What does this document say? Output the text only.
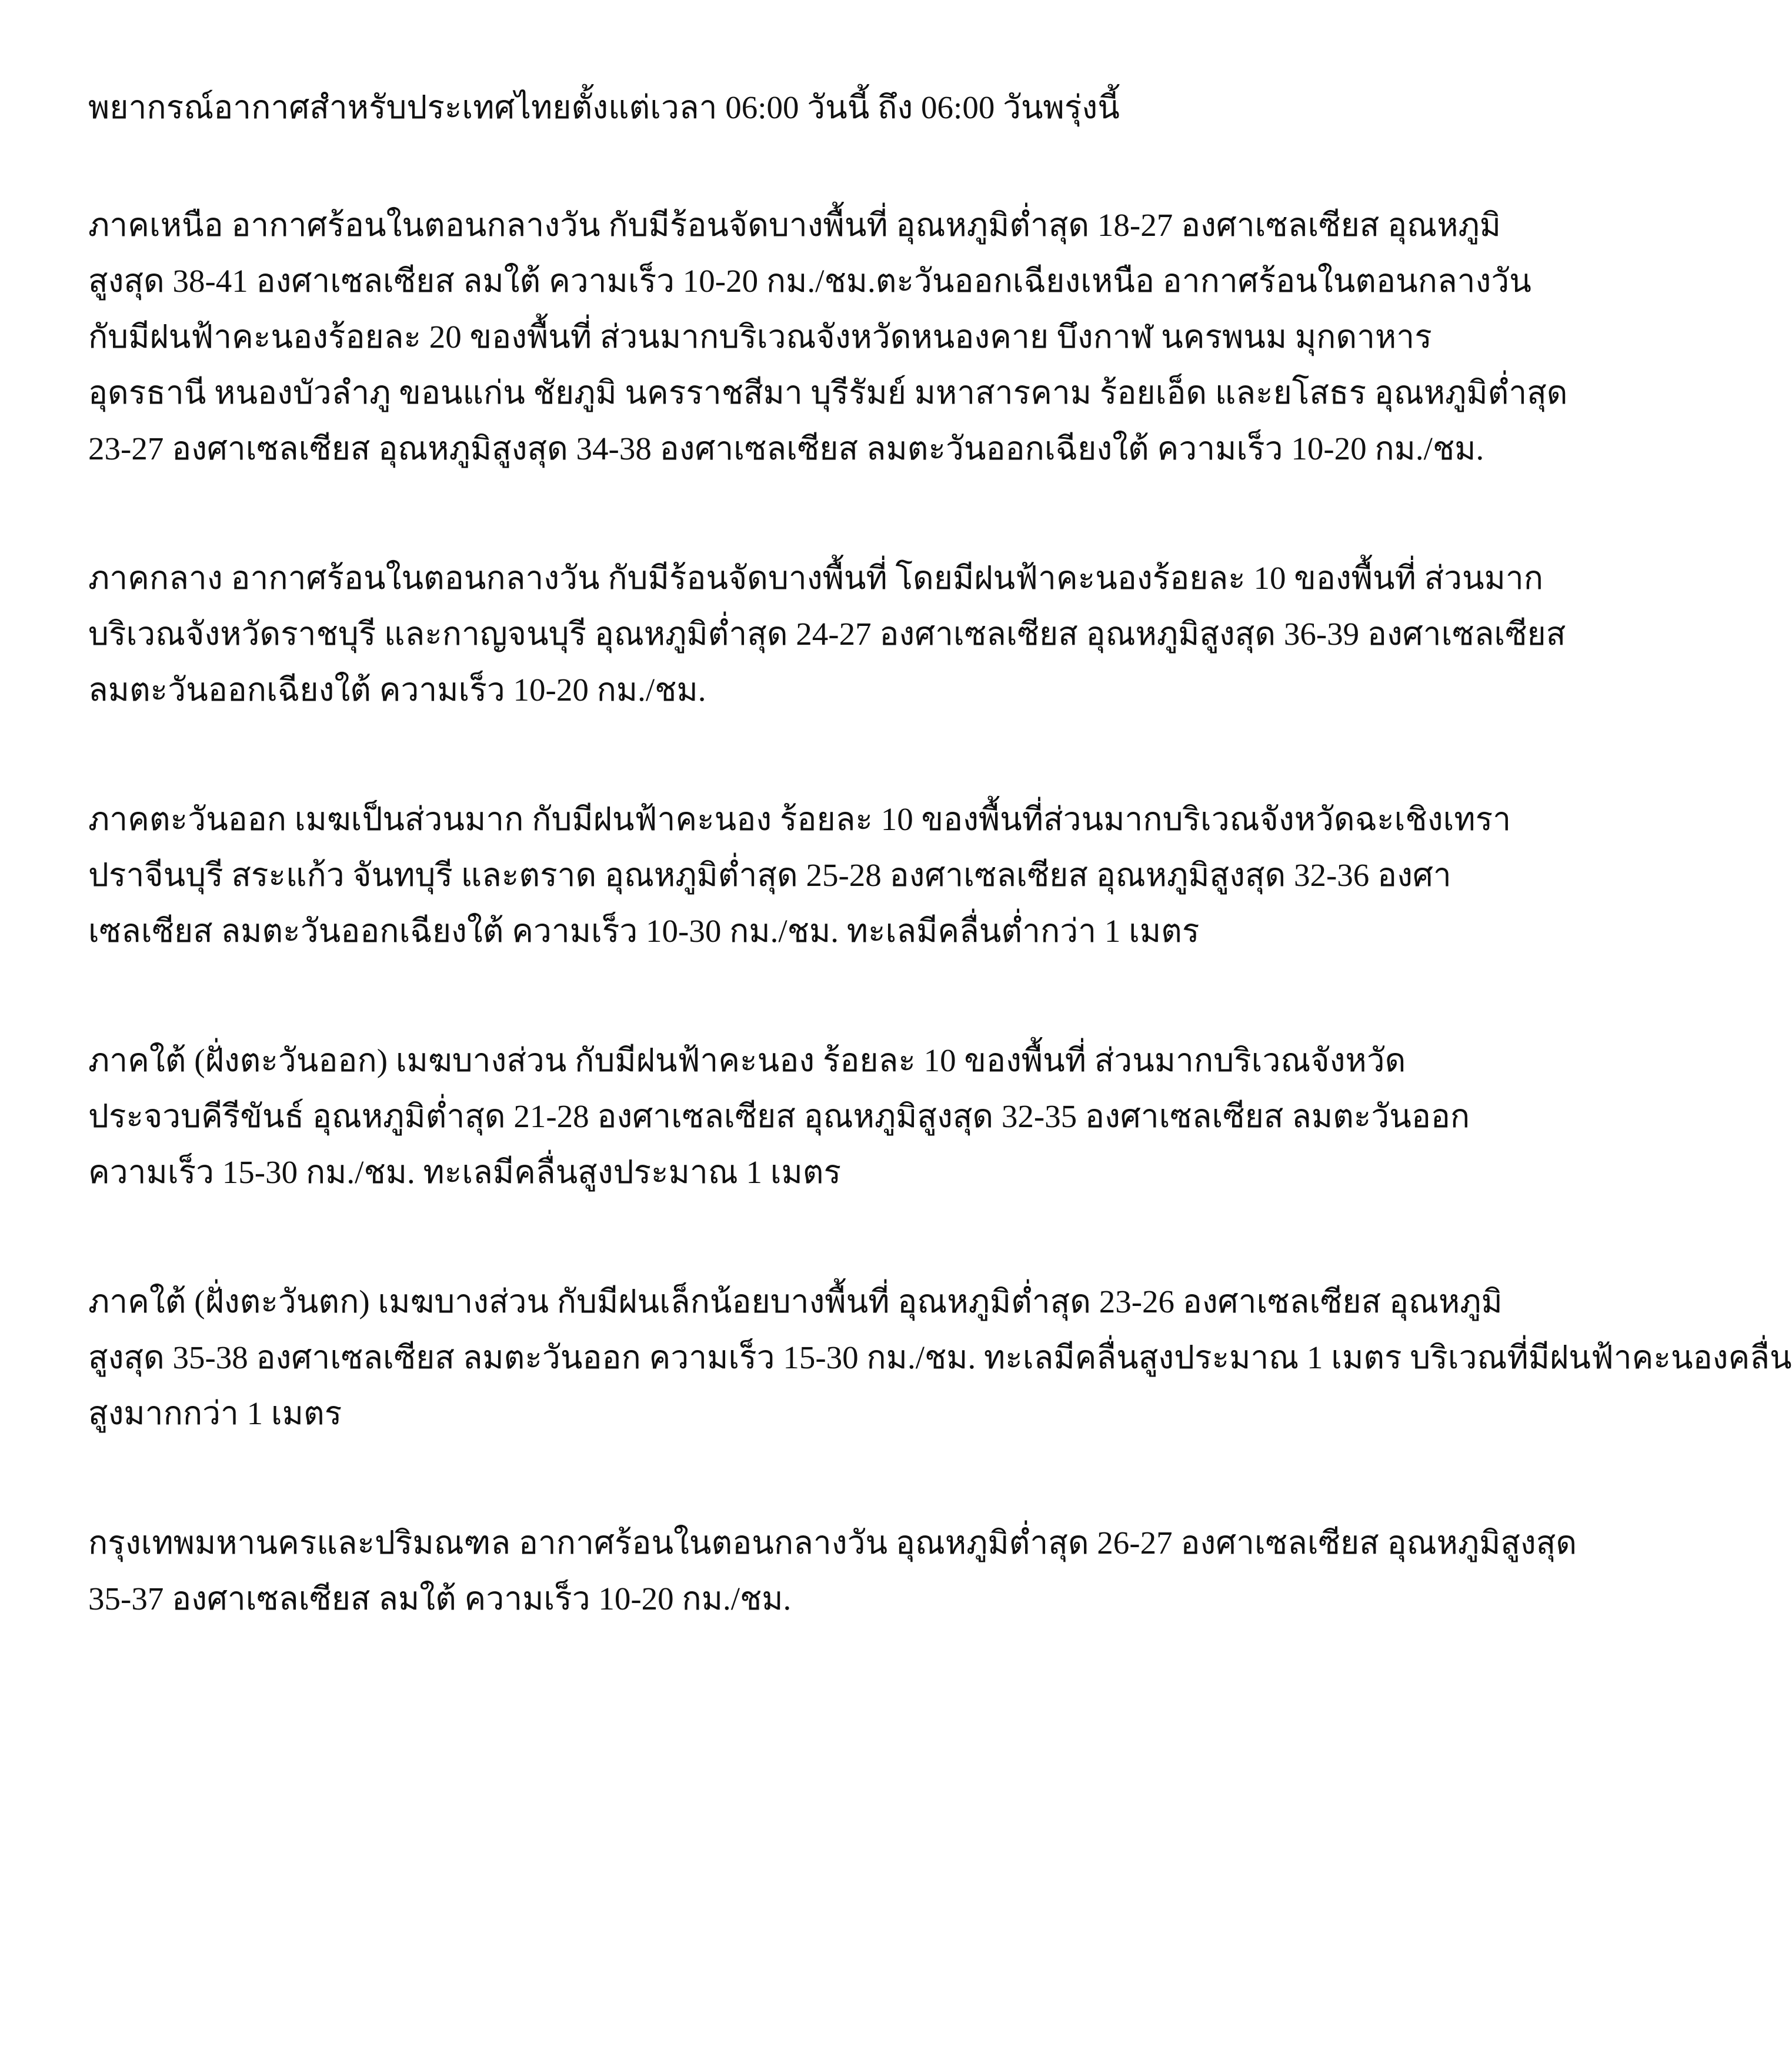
พยากรณ์อากาศสำหรับประเทศไทยตั้งแต่เวลา 06:00 วันนี้ ถึง 06:00 วันพรุ่งนี้
ภาคเหนือ อากาศร้อนในตอนกลางวัน กับมีร้อนจัดบางพื้นที่ อุณหภูมิต่ำสุด 18-27 องศาเซลเซียส อุณหภูมิ
สูงสุด 38-41 องศาเซลเซียส ลมใต้ ความเร็ว 10-20 กม./ชม.ตะวันออกเฉียงเหนือ อากาศร้อนในตอนกลางวัน
กับมีฝนฟ้าคะนองร้อยละ 20 ของพื้นที่ ส่วนมากบริเวณจังหวัดหนองคาย บึงกาฬ นครพนม มุกดาหาร
อุดรธานี หนองบัวลำภู ขอนแก่น ชัยภูมิ นครราชสีมา บุรีรัมย์ มหาสารคาม ร้อยเอ็ด และยโสธร อุณหภูมิต่ำสุด
23-27 องศาเซลเซียส อุณหภูมิสูงสุด 34-38 องศาเซลเซียส ลมตะวันออกเฉียงใต้ ความเร็ว 10-20 กม./ชม.
ภาคกลาง อากาศร้อนในตอนกลางวัน กับมีร้อนจัดบางพื้นที่ โดยมีฝนฟ้าคะนองร้อยละ 10 ของพื้นที่ ส่วนมาก
บริเวณจังหวัดราชบุรี และกาญจนบุรี อุณหภูมิต่ำสุด 24-27 องศาเซลเซียส อุณหภูมิสูงสุด 36-39 องศาเซลเซียส
ลมตะวันออกเฉียงใต้ ความเร็ว 10-20 กม./ชม.
ภาคตะวันออก เมฆเป็นส่วนมาก กับมีฝนฟ้าคะนอง ร้อยละ 10 ของพื้นที่ส่วนมากบริเวณจังหวัดฉะเชิงเทรา
ปราจีนบุรี สระแก้ว จันทบุรี และตราด อุณหภูมิต่ำสุด 25-28 องศาเซลเซียส อุณหภูมิสูงสุด 32-36 องศา
เซลเซียส ลมตะวันออกเฉียงใต้ ความเร็ว 10-30 กม./ชม. ทะเลมีคลื่นต่ำกว่า 1 เมตร
ภาคใต้ (ฝั่งตะวันออก) เมฆบางส่วน กับมีฝนฟ้าคะนอง ร้อยละ 10 ของพื้นที่ ส่วนมากบริเวณจังหวัด
ประจวบคีรีขันธ์ อุณหภูมิต่ำสุด 21-28 องศาเซลเซียส อุณหภูมิสูงสุด 32-35 องศาเซลเซียส ลมตะวันออก
ความเร็ว 15-30 กม./ชม. ทะเลมีคลื่นสูงประมาณ 1 เมตร
ภาคใต้ (ฝั่งตะวันตก) เมฆบางส่วน กับมีฝนเล็กน้อยบางพื้นที่ อุณหภูมิต่ำสุด 23-26 องศาเซลเซียส อุณหภูมิ
สูงสุด 35-38 องศาเซลเซียส ลมตะวันออก ความเร็ว 15-30 กม./ชม. ทะเลมีคลื่นสูงประมาณ 1 เมตร บริเวณที่มีฝนฟ้าคะนองคลื่น
สูงมากกว่า 1 เมตร
กรุงเทพมหานครและปริมณฑล อากาศร้อนในตอนกลางวัน อุณหภูมิต่ำสุด 26-27 องศาเซลเซียส อุณหภูมิสูงสุด
35-37 องศาเซลเซียส ลมใต้ ความเร็ว 10-20 กม./ชม.
